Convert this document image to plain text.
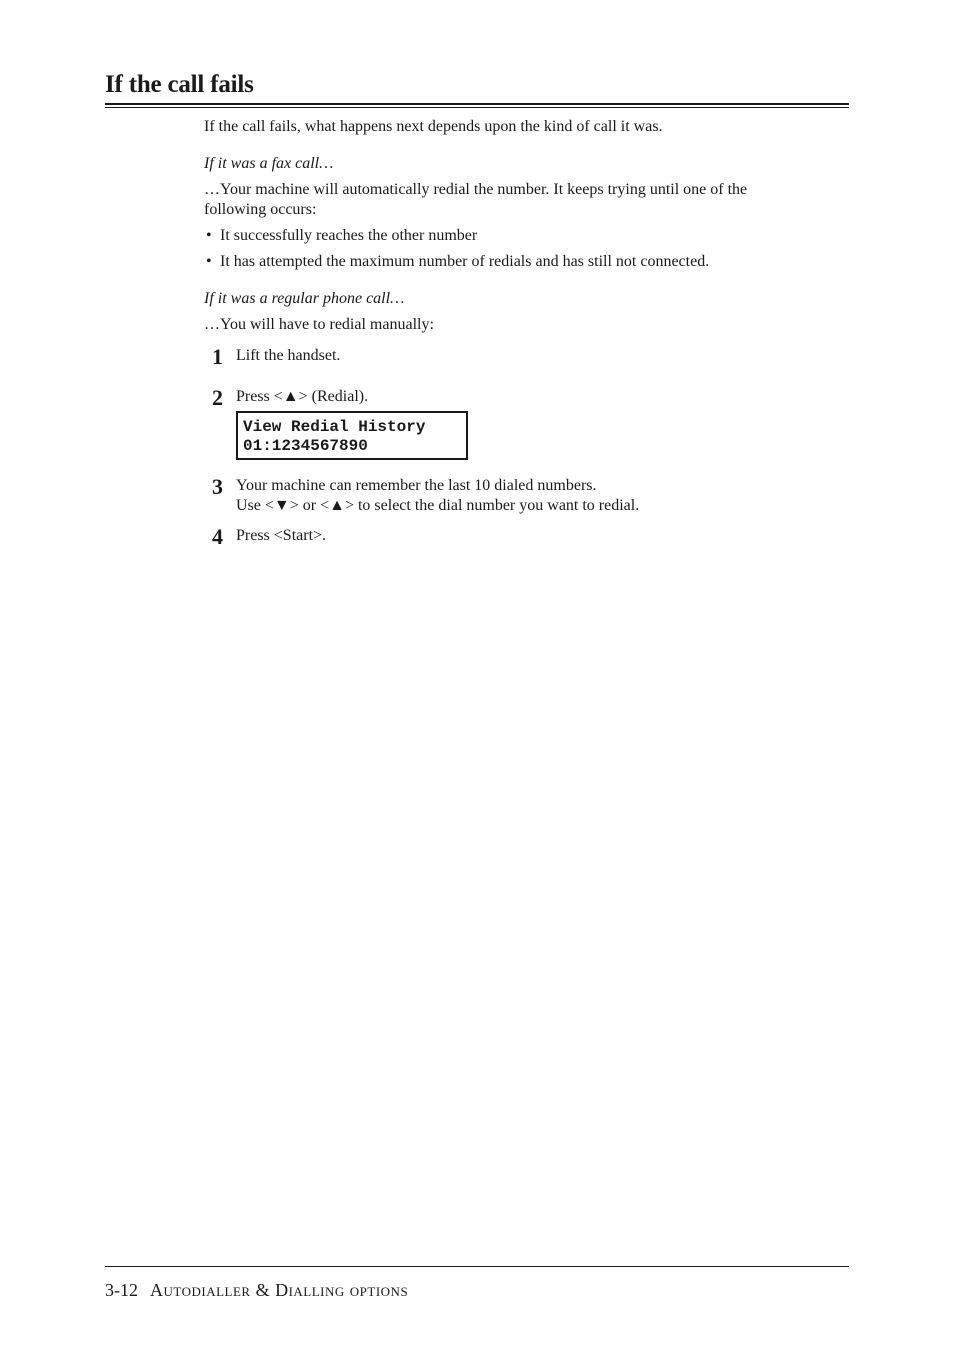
If the call fails

If the call fails, what happens next depends upon the kind of call it was.

If it was a fax call…

…Your machine will automatically redial the number. It keeps trying until one of the

following occurs:

• It successfully reaches the other number
• It has attempted the maximum number of redials and has still not connected.

If it was a regular phone call…

…You will have to redial manually:

1 Lift the handset.
2 Press <▲> (Redial).
View Redial History
01:1234567890
3 Your machine can remember the last 10 dialed numbers.
Use <▼> or <▲> to select the dial number you want to redial.
4 Press <Start>.
3-12 Autodialler & Dialling options
